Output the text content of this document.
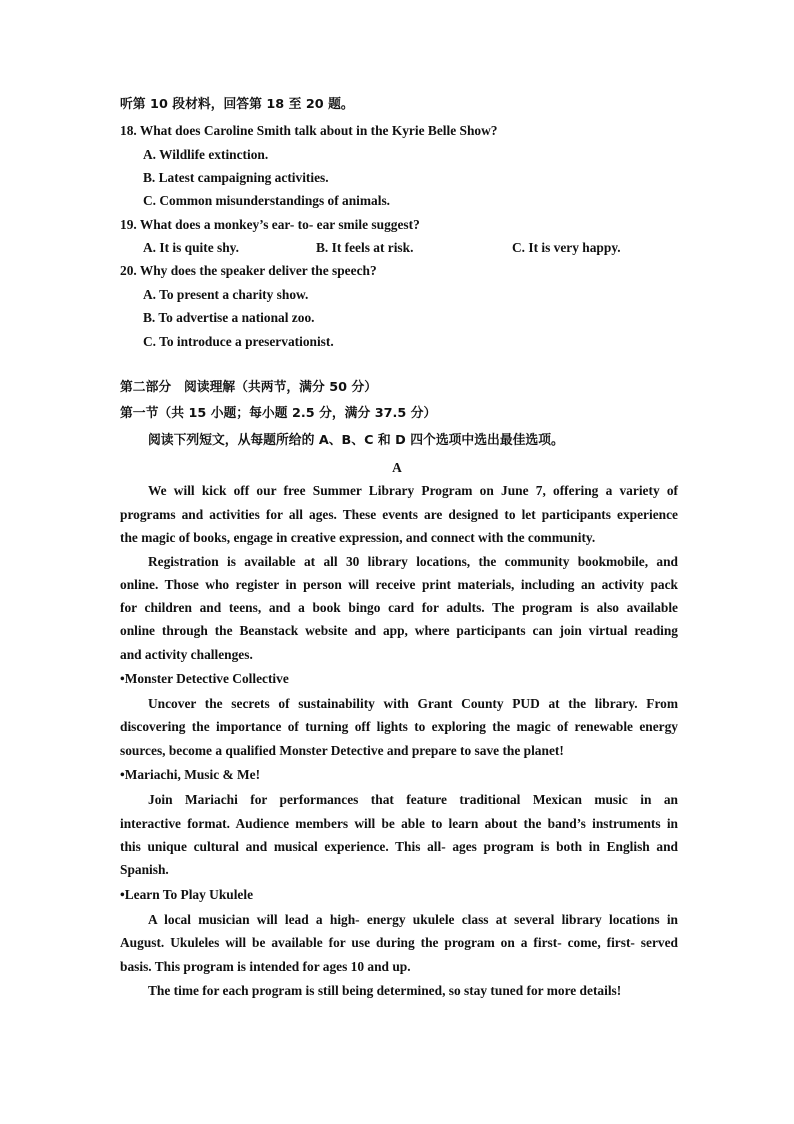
听第 10 段材料，回答第 18 至 20 题。
18. What does Caroline Smith talk about in the Kyrie Belle Show?
A. Wildlife extinction.
B. Latest campaigning activities.
C. Common misunderstandings of animals.
19. What does a monkey’s ear- to- ear smile suggest?
A. It is quite shy.	B. It feels at risk.	C. It is very happy.
20. Why does the speaker deliver the speech?
A. To present a charity show.
B. To advertise a national zoo.
C. To introduce a preservationist.
第二部分　阅读理解（共两节，满分 50 分）
第一节（共 15 小题；每小题 2.5 分，满分 37.5 分）
阅读下列短文，从每题所给的 A、B、C 和 D 四个选项中选出最佳选项。
A
We will kick off our free Summer Library Program on June 7, offering a variety of
programs and activities for all ages. These events are designed to let participants experience
the magic of books, engage in creative expression, and connect with the community.
Registration is available at all 30 library locations, the community bookmobile, and
online. Those who register in person will receive print materials, including an activity pack
for children and teens, and a book bingo card for adults. The program is also available
online through the Beanstack website and app, where participants can join virtual reading
and activity challenges.
•Monster Detective Collective
Uncover the secrets of sustainability with Grant County PUD at the library. From
discovering the importance of turning off lights to exploring the magic of renewable energy
sources, become a qualified Monster Detective and prepare to save the planet!
•Mariachi, Music & Me!
Join Mariachi for performances that feature traditional Mexican music in an
interactive format. Audience members will be able to learn about the band’s instruments in
this unique cultural and musical experience. This all- ages program is both in English and
Spanish.
•Learn To Play Ukulele
A local musician will lead a high- energy ukulele class at several library locations in
August. Ukuleles will be available for use during the program on a first- come, first- served
basis. This program is intended for ages 10 and up.
The time for each program is still being determined, so stay tuned for more details!
